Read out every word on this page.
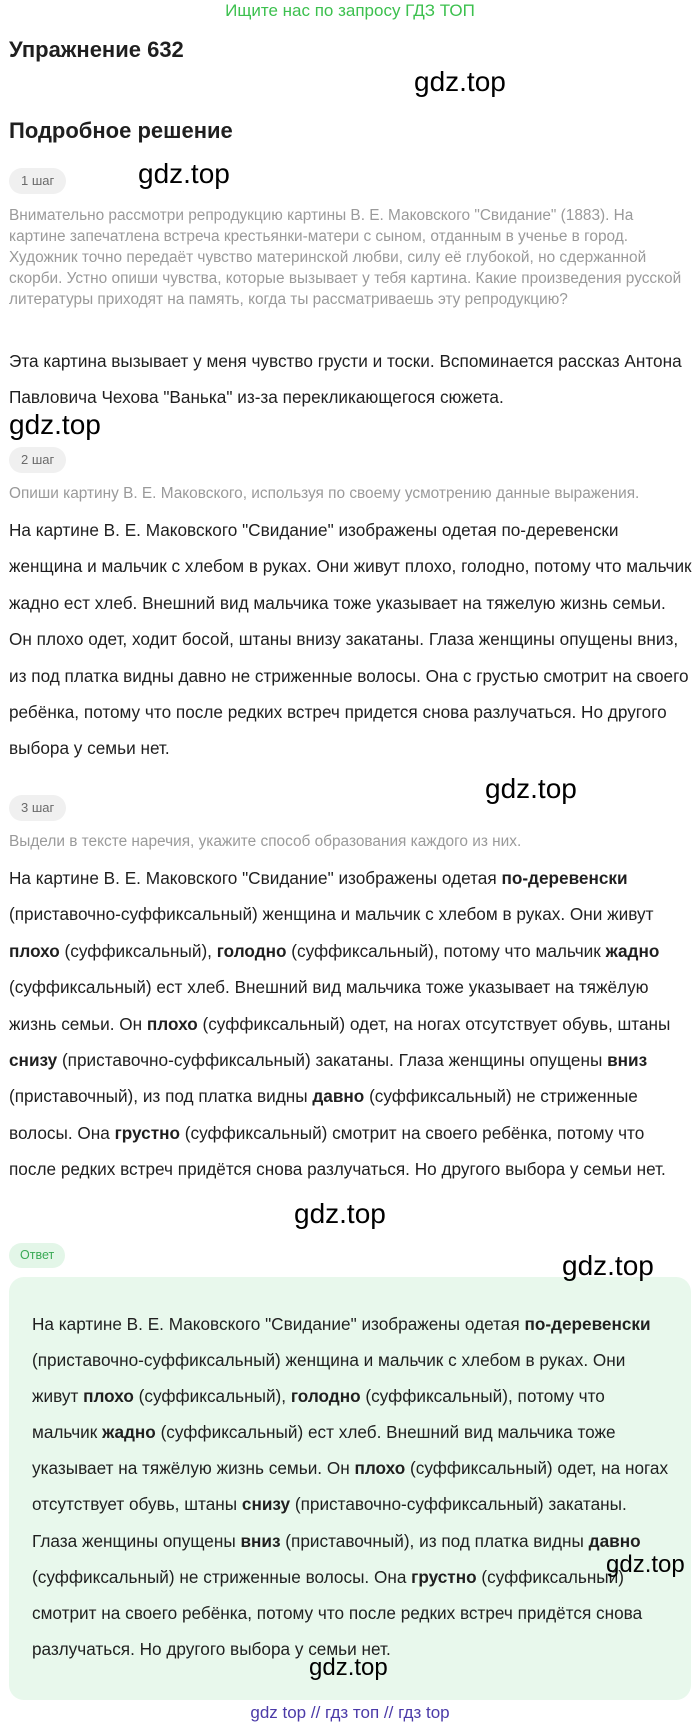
Ищите нас по запросу ГДЗ ТОП
Упражнение 632
Подробное решение
1 шаг
Внимательно рассмотри репродукцию картины В. Е. Маковского "Свидание" (1883). На картине запечатлена встреча крестьянки-матери с сыном, отданным в ученье в город. Художник точно передаёт чувство материнской любви, силу её глубокой, но сдержанной скорби. Устно опиши чувства, которые вызывает у тебя картина. Какие произведения русской литературы приходят на память, когда ты рассматриваешь эту репродукцию?
Эта картина вызывает у меня чувство грусти и тоски. Вспоминается рассказ Антона Павловича Чехова "Ванька" из-за перекликающегося сюжета.
2 шаг
Опиши картину В. Е. Маковского, используя по своему усмотрению данные выражения.
На картине В. Е. Маковского "Свидание" изображены одетая по-деревенски женщина и мальчик с хлебом в руках. Они живут плохо, голодно, потому что мальчик жадно ест хлеб. Внешний вид мальчика тоже указывает на тяжелую жизнь семьи. Он плохо одет, ходит босой, штаны внизу закатаны. Глаза женщины опущены вниз, из под платка видны давно не стриженные волосы. Она с грустью смотрит на своего ребёнка, потому что после редких встреч придется снова разлучаться. Но другого выбора у семьи нет.
3 шаг
Выдели в тексте наречия, укажите способ образования каждого из них.
На картине В. Е. Маковского "Свидание" изображены одетая по-деревенски (приставочно-суффиксальный) женщина и мальчик с хлебом в руках. Они живут плохо (суффиксальный), голодно (суффиксальный), потому что мальчик жадно (суффиксальный) ест хлеб. Внешний вид мальчика тоже указывает на тяжёлую жизнь семьи. Он плохо (суффиксальный) одет, на ногах отсутствует обувь, штаны снизу (приставочно-суффиксальный) закатаны. Глаза женщины опущены вниз (приставочный), из под платка видны давно (суффиксальный) не стриженные волосы. Она грустно (суффиксальный) смотрит на своего ребёнка, потому что после редких встреч придётся снова разлучаться. Но другого выбора у семьи нет.
Ответ
На картине В. Е. Маковского "Свидание" изображены одетая по-деревенски (приставочно-суффиксальный) женщина и мальчик с хлебом в руках. Они живут плохо (суффиксальный), голодно (суффиксальный), потому что мальчик жадно (суффиксальный) ест хлеб. Внешний вид мальчика тоже указывает на тяжёлую жизнь семьи. Он плохо (суффиксальный) одет, на ногах отсутствует обувь, штаны снизу (приставочно-суффиксальный) закатаны. Глаза женщины опущены вниз (приставочный), из под платка видны давно (суффиксальный) не стриженные волосы. Она грустно (суффиксальный) смотрит на своего ребёнка, потому что после редких встреч придётся снова разлучаться. Но другого выбора у семьи нет.
gdz.top
gdz.top
gdz.top
gdz.top
gdz.top
gdz.top
gdz.top
gdz.top
gdz top // гдз топ // гдз top
